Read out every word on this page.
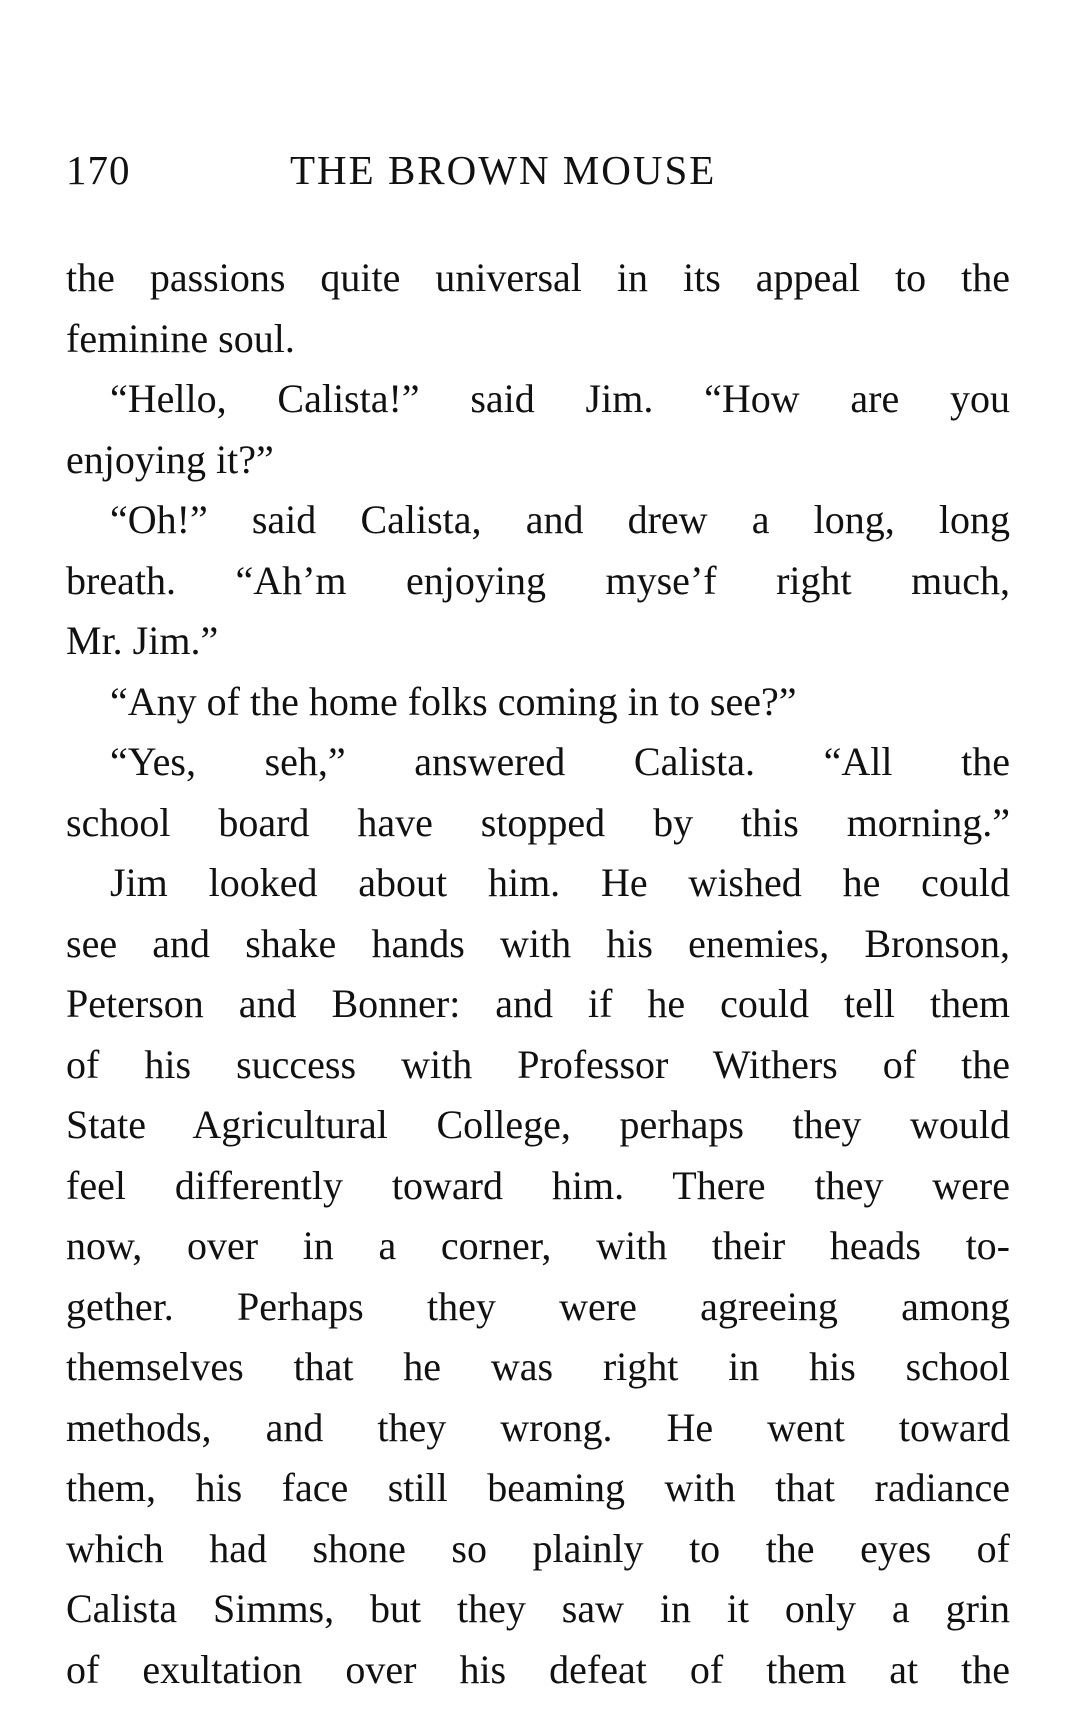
170	THE BROWN MOUSE
the passions quite universal in its appeal to the
feminine soul.
“Hello, Calista!” said Jim. “How are you
enjoying it?”
“Oh!” said Calista, and drew a long, long
breath. “Ah’m enjoying myse’f right much,
Mr. Jim.”
“Any of the home folks coming in to see?”
“Yes, seh,” answered Calista. “All the
school board have stopped by this morning.”
Jim looked about him. He wished he could
see and shake hands with his enemies, Bronson,
Peterson and Bonner: and if he could tell them
of his success with Professor Withers of the
State Agricultural College, perhaps they would
feel differently toward him. There they were
now, over in a corner, with their heads to-
gether. Perhaps they were agreeing among
themselves that he was right in his school
methods, and they wrong. He went toward
them, his face still beaming with that radiance
which had shone so plainly to the eyes of
Calista Simms, but they saw in it only a grin
of exultation over his defeat of them at the
